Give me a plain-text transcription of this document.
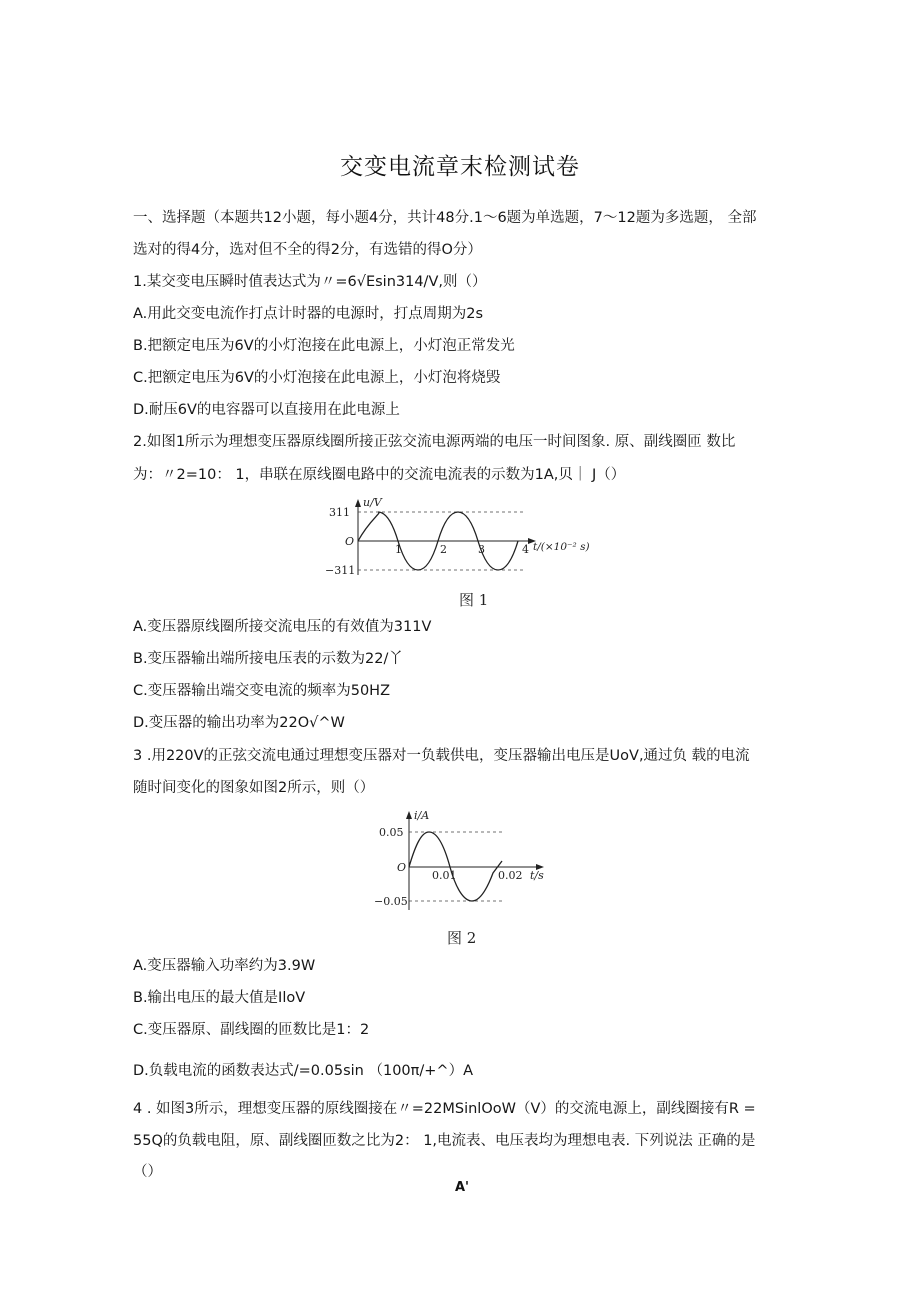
交变电流章末检测试卷
一、选择题（本题共12小题，每小题4分，共计48分.1～6题为单选题，7～12题为多选题， 全部
选对的得4分，选对但不全的得2分，有选错的得O分）
1.某交变电压瞬时值表达式为〃=6√Esin314∕V,则（）
A.用此交变电流作打点计时器的电源时，打点周期为2s
B.把额定电压为6V的小灯泡接在此电源上，小灯泡正常发光
C.把额定电压为6V的小灯泡接在此电源上，小灯泡将烧毁
D.耐压6V的电容器可以直接用在此电源上
2.如图1所示为理想变压器原线圈所接正弦交流电源两端的电压一时间图象. 原、副线圈匝 数比
为：〃2=10： 1，串联在原线圈电路中的交流电流表的示数为1A,贝｜ J（）
u/V
311
O
−311
1	2	3	4 t/(×10⁻² s)
图 1
A.变压器原线圈所接交流电压的有效值为311V
B.变压器输出端所接电压表的示数为22/丫
C.变压器输出端交变电流的频率为50HZ
D.变压器的输出功率为22O√^W
3 .用220V的正弦交流电通过理想变压器对一负载供电，变压器输出电压是UoV,通过负 载的电流
随时间变化的图象如图2所示，则（）
i/A
0.05
O
−0.05
0.01	0.02 t/s
图 2
A.变压器输入功率约为3.9W
B.输出电压的最大值是IloV
C.变压器原、副线圈的匝数比是1：2
D.负载电流的函数表达式∕=0.05sin （100π∕+^）A
4 . 如图3所示，理想变压器的原线圈接在〃=22MSinlOoW（V）的交流电源上，副线圈接有R =
55Q的负载电阻，原、副线圈匝数之比为2： 1,电流表、电压表均为理想电表. 下列说法 正确的是
（）
A'
